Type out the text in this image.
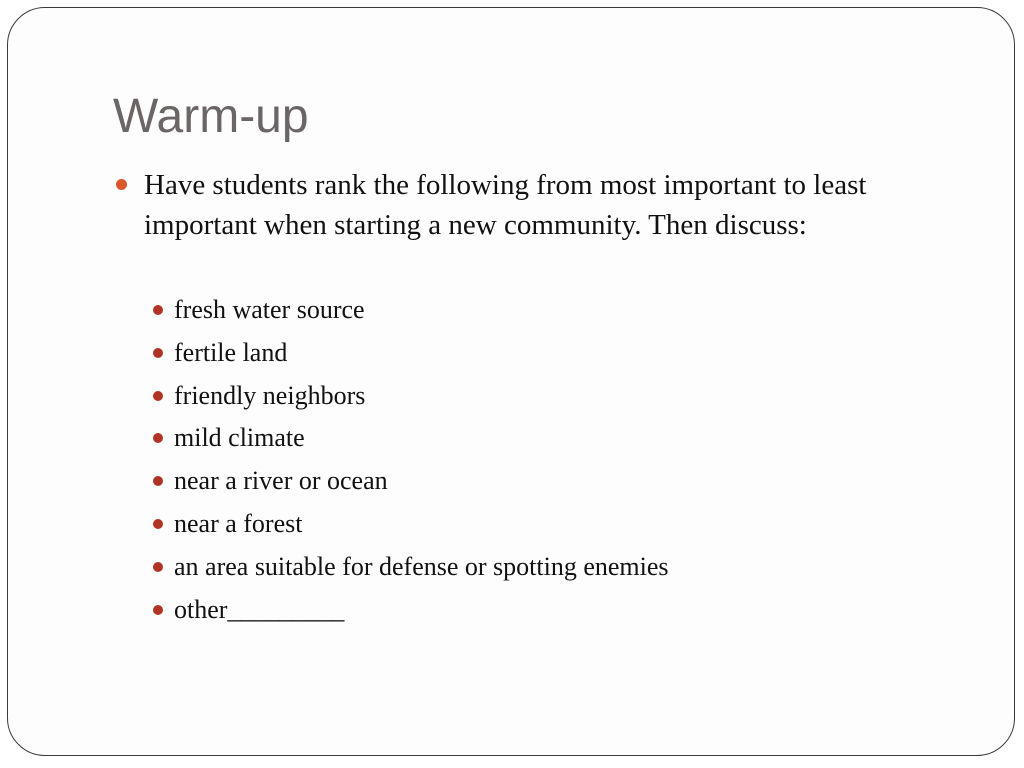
Warm-up
Have students rank the following from most important to least important when starting a new community. Then discuss:
fresh water source
fertile land
friendly neighbors
mild climate
near a river or ocean
near a forest
an area suitable for defense or spotting enemies
other_________
